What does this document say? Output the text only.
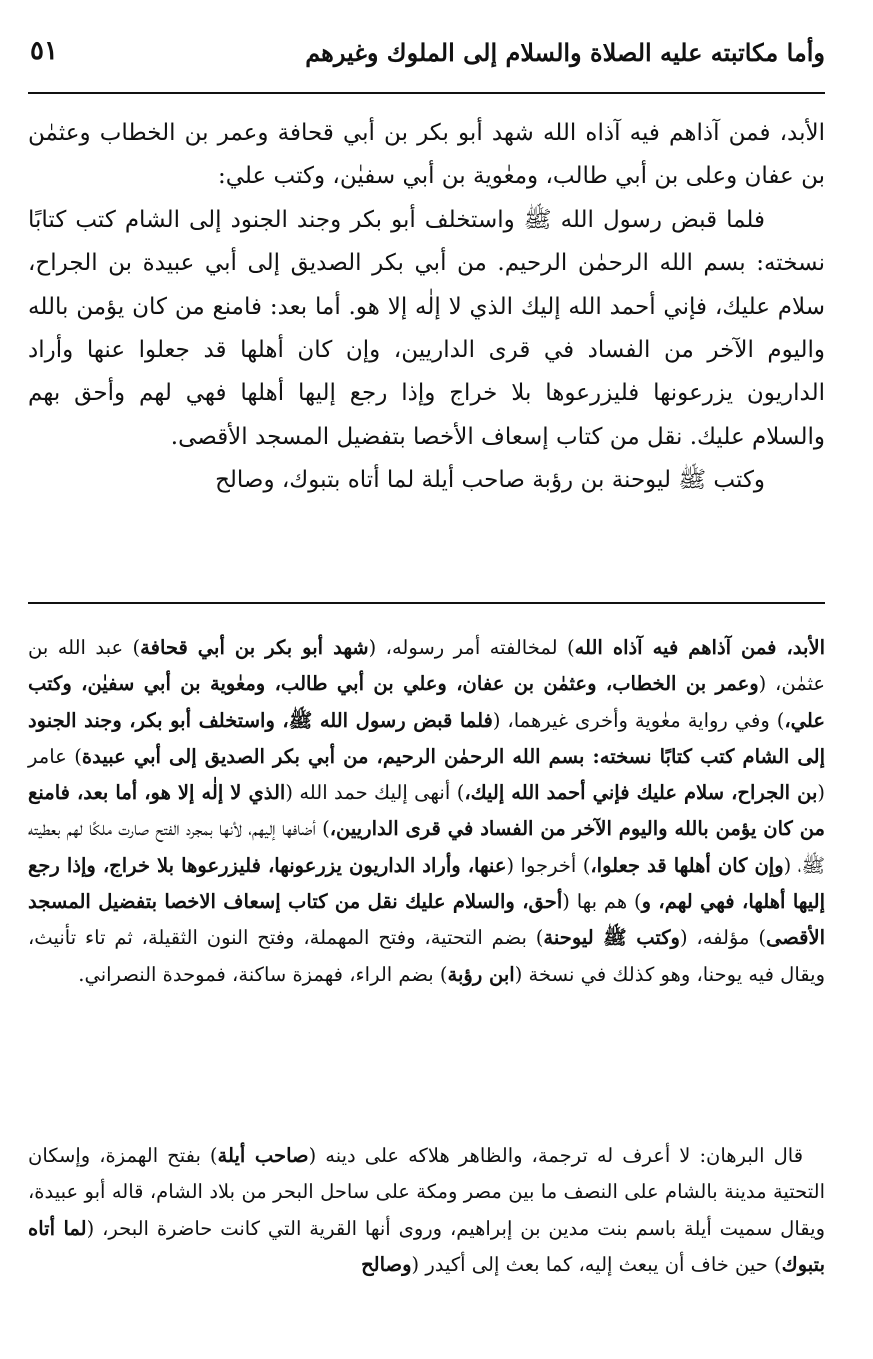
وأما مكاتبته عليه الصلاة والسلام إلى الملوك وغيرهم
٥١

الأبد، فمن آذاهم فيه آذاه الله شهد أبو بكر بن أبي قحافة وعمر بن الخطاب وعثمٰن بن عفان وعلى بن أبي طالب، ومعٰوية بن أبي سفيٰن، وكتب علي:

فلما قبض رسول الله ﷺ واستخلف أبو بكر وجند الجنود إلى الشام كتب كتابًا نسخته: بسم الله الرحمٰن الرحيم. من أبي بكر الصديق إلى أبي عبيدة بن الجراح، سلام عليك، فإني أحمد الله إليك الذي لا إلٰه إلا هو. أما بعد: فامنع من كان يؤمن بالله واليوم الآخر من الفساد في قرى الداريين، وإن كان أهلها قد جعلوا عنها وأراد الداريون يزرعونها فليزرعوها بلا خراج وإذا رجع إليها أهلها فهي لهم وأحق بهم والسلام عليك. نقل من كتاب إسعاف الأخصا بتفضيل المسجد الأقصى.

وكتب ﷺ ليوحنة بن رؤبة صاحب أيلة لما أتاه بتبوك، وصالح

الأبد، فمن آذاهم فيه آذاه الله) لمخالفته أمر رسوله، (شهد أبو بكر بن أبي قحافة) عبد الله بن عثمٰن، (وعمر بن الخطاب، وعثمٰن بن عفان، وعلي بن أبي طالب، ومعٰوية بن أبي سفيٰن، وكتب علي،) وفي رواية معٰوية وأخرى غيرهما، (فلما قبض رسول الله ﷺ، واستخلف أبو بكر، وجند الجنود إلى الشام كتب كتابًا نسخته: بسم الله الرحمٰن الرحيم، من أبي بكر الصديق إلى أبي عبيدة) عامر (بن الجراح، سلام عليك فإني أحمد الله إليك،) أنهى إليك حمد الله (الذي لا إلٰه إلا هو، أما بعد، فامنع من كان يؤمن بالله واليوم الآخر من الفساد في قرى الداريين،) أضافها إليهم، لأنها بمجرد الفتح صارت ملكًا لهم بعطيته ﷺ، (وإن كان أهلها قد جعلوا،) أخرجوا (عنها، وأراد الداريون يزرعونها، فليزرعوها بلا خراج، وإذا رجع إليها أهلها، فهي لهم، و) هم بها (أحق، والسلام عليك نقل من كتاب إسعاف الاخصا بتفضيل المسجد الأقصى) مؤلفه، (وكتب ﷺ ليوحنة) بضم التحتية، وفتح المهملة، وفتح النون الثقيلة، ثم تاء تأنيث، ويقال فيه يوحنا، وهو كذلك في نسخة (ابن رؤبة) بضم الراء، فهمزة ساكنة، فموحدة النصراني.

قال البرهان: لا أعرف له ترجمة، والظاهر هلاكه على دينه (صاحب أيلة) بفتح الهمزة، وإسكان التحتية مدينة بالشام على النصف ما بين مصر ومكة على ساحل البحر من بلاد الشام، قاله أبو عبيدة، ويقال سميت أيلة باسم بنت مدين بن إبراهيم، وروى أنها القرية التي كانت حاضرة البحر، (لما أتاه بتبوك) حين خاف أن يبعث إليه، كما بعث إلى أكيدر (وصالح
